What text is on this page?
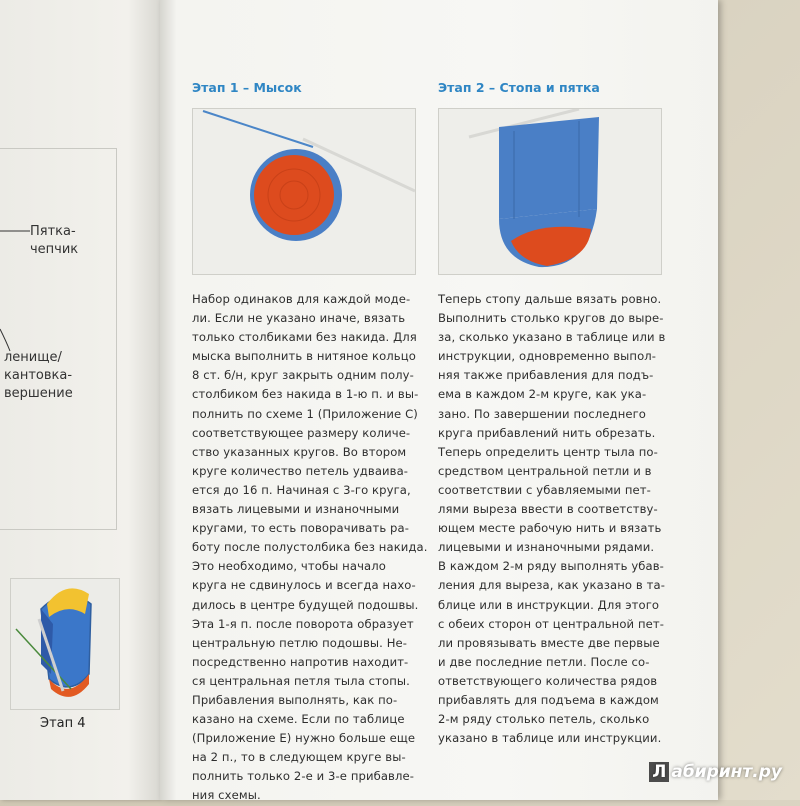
Пятка-
чепчик
ленище/
кантовка-
вершение
Этап 4
Этап 1 – Мысок	Этап 2 – Стопа и пятка
Набор одинаков для каждой моде-
ли. Если не указано иначе, вязать
только столбиками без накида. Для
мыска выполнить в нитяное кольцо
8 ст. б/н, круг закрыть одним полу-
столбиком без накида в 1-ю п. и вы-
полнить по схеме 1 (Приложение С)
соответствующее размеру количе-
ство указанных кругов. Во втором
круге количество петель удваива-
ется до 16 п. Начиная с 3-го круга,
вязать лицевыми и изнаночными
кругами, то есть поворачивать ра-
боту после полустолбика без нaкида.
Это необходимо, чтобы начало
круга не сдвинулось и всегда нахо-
дилось в центре будущей подошвы.
Эта 1-я п. после поворота образует
центральную петлю подошвы. Не-
посредственно напротив находит-
ся центральная петля тыла стопы.
Прибавления выполнять, как по-
казано на схеме. Если по таблице
(Приложение E) нужно больше еще
на 2 п., то в следующем круге вы-
полнить только 2-е и 3-е прибавле-
ния схемы.
Теперь стопу дальше вязать ровно.
Выполнить столько кругов до выре-
за, сколько указано в таблице или в
инструкции, одновременно выпол-
няя также прибавления для подъ-
ема в каждом 2-м круге, как ука-
зано. По завершении последнего
круга прибавлений нить обрезать.
Теперь определить центр тыла по-
средством центральной петли и в
соответствии с убавляемыми пет-
лями выреза ввести в соответству-
ющем месте рабочую нить и вязать
лицевыми и изнаночными рядами.
В каждом 2-м ряду выполнять убав-
ления для выреза, как указано в та-
блице или в инструкции. Для этого
с обеих сторон от центральной пет-
ли провязывать вместе две первые
и две последние петли. После со-
ответствующего количества рядов
прибавлять для подъема в каждом
2-м ряду столько петель, сколько
указано в таблице или инструкции.
Л абиринт.ру
